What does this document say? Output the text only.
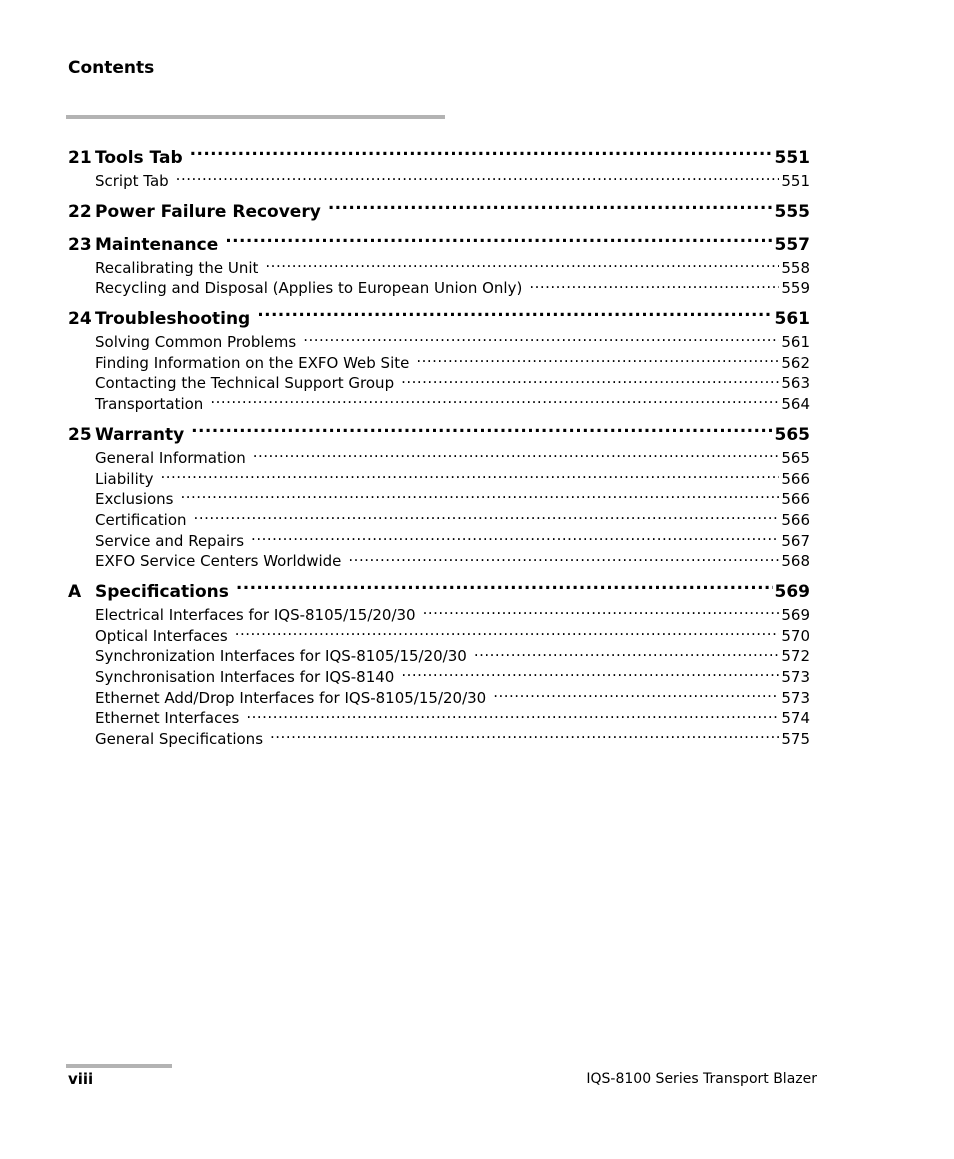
Contents
21 Tools Tab .....	551
Script Tab .....	551
22 Power Failure Recovery .....	555
23 Maintenance .....	557
Recalibrating the Unit .....	558
Recycling and Disposal (Applies to European Union Only) .....	559
24 Troubleshooting .....	561
Solving Common Problems .....	561
Finding Information on the EXFO Web Site .....	562
Contacting the Technical Support Group .....	563
Transportation .....	564
25 Warranty .....	565
General Information .....	565
Liability .....	566
Exclusions .....	566
Certification .....	566
Service and Repairs .....	567
EXFO Service Centers Worldwide .....	568
A Specifications .....	569
Electrical Interfaces for IQS-8105/15/20/30 .....	569
Optical Interfaces .....	570
Synchronization Interfaces for IQS-8105/15/20/30 .....	572
Synchronisation Interfaces for IQS-8140 .....	573
Ethernet Add/Drop Interfaces for IQS-8105/15/20/30 .....	573
Ethernet Interfaces .....	574
General Specifications .....	575
viii	IQS-8100 Series Transport Blazer
